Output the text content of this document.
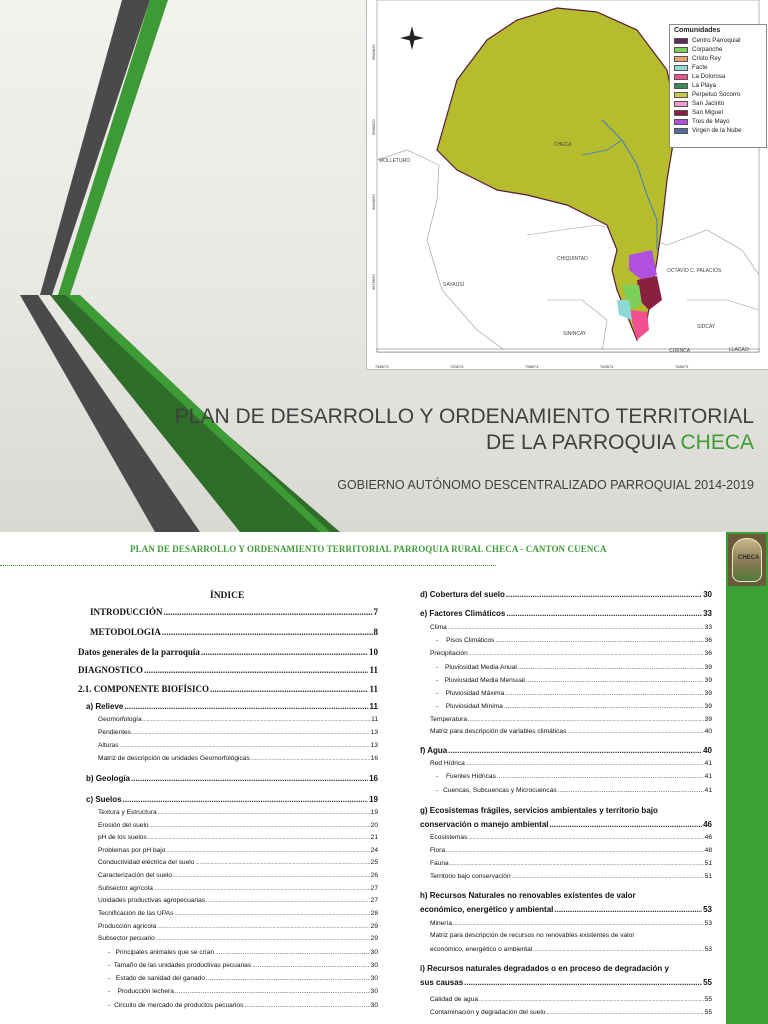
MOLLETURO
CHECA
CHIQUINTAD
SAYAUSÍ
OCTAVIO C. PALACIOS
SININCAY
SIDCAY
CUENCA	LLACAO
748573	753573	758573	763573	768573
9684620
9689620
9694620
9679620
Comunidades
Centro Parroquial
Corpanche
Cristo Rey
Facte
La Dolorosa
La Playa
Perpetuo Socorro
San Jacinto
San Miguel
Tres de Mayo
Virgen de la Nube
PLAN DE DESARROLLO Y ORDENAMIENTO TERRITORIAL
DE LA PARROQUIA CHECA
GOBIERNO AUTÓNOMO DESCENTRALIZADO PARROQUIAL 2014-2019
PLAN DE DESARROLLO Y ORDENAMIENTO TERRITORIAL PARROQUIA RURAL CHECA - CANTON CUENCA
CHECA
ÍNDICE
INTRODUCCIÓN .....	7
METODOLOGIA .....	8
Datos generales de la parroquia .....	10
DIAGNOSTICO .....	11
2.1. COMPONENTE BIOFÍSICO .....	11
a) Relieve .....	11
Geomorfología .....	11
Pendientes .....	13
Alturas .....	13
Matriz de descripción de unidades Geomorfológicas .....	16
b) Geología .....	16
c) Suelos .....	19
Textura y Estructura .....	19
Erosión del suelo .....	20
pH de los suelos .....	21
Problemas por pH bajo .....	24
Conductividad eléctrica del suelo .....	25
Caracterización del suelo .....	26
Subsector agrícola .....	27
Unidades productivas agropecuarias .....	27
Tecnificación de las UPAs .....	28
Producción agrícola .....	29
Subsector pecuario .....	29
- Principales animales que se crían .....	30
- Tamaño de las unidades productivas pecuarias .....	30
- Estado de sanidad del ganado .....	30
-	Producción lechera .....	30
- Circuito de mercado de productos pecuarios .....	30
d) Cobertura del suelo .....	30
e) Factores Climáticos .....	33
Clima .....	33
-	Pisos Climáticos .....	36
Precipitación .....	36
-	Pluviosidad Media Anual .....	39
- Pluviosidad Media Mensual .....	39
-	Pluviosidad Máxima .....	39
-	Pluviosidad Mínima .....	39
Temperatura .....	39
Matriz para descripción de variables climáticas .....	40
f) Agua .....	40
Red Hídrica .....	41
-	Fuentes Hídricas .....	41
- Cuencas, Subcuencas y Microcuencas .....	41
g) Ecosistemas frágiles, servicios ambientales y territorio bajo
conservación o manejo ambiental .....	46
Ecosistemas .....	46
Flora .....	48
Fauna .....	51
Territorio bajo conservación .....	51
h) Recursos Naturales no renovables existentes de valor
económico, energético y ambiental .....	53
Minería .....	53
Matriz para descripción de recursos no renovables existentes de valor
económico, energético o ambiental .....	53
i) Recursos naturales degradados o en proceso de degradación y
sus causas .....	55
Calidad de agua .....	55
Contaminación y degradación del suelo .....	55
